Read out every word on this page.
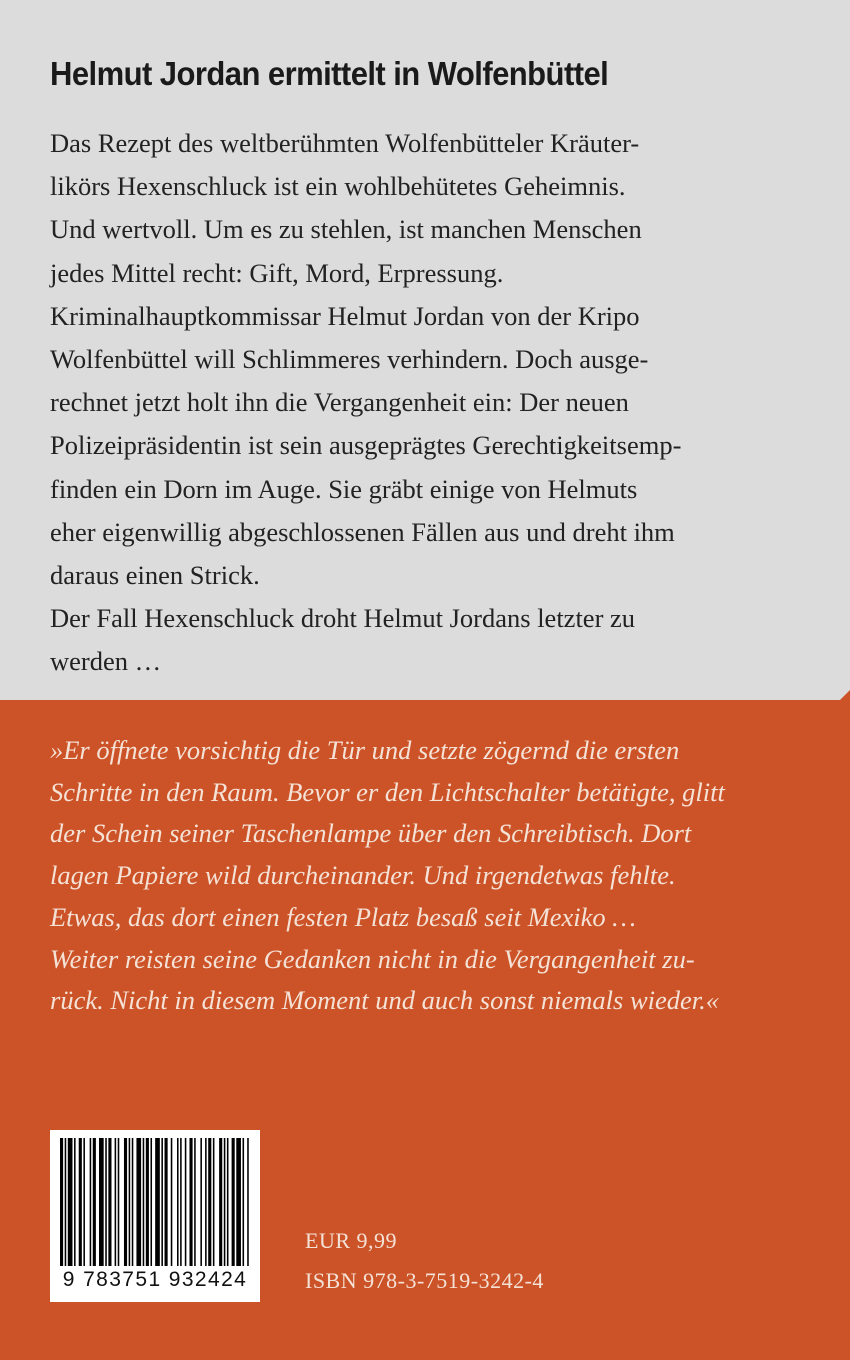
Helmut Jordan ermittelt in Wolfenbüttel
Das Rezept des weltberühmten Wolfenbütteler Kräuter-
likörs Hexenschluck ist ein wohlbehütetes Geheimnis.
Und wertvoll. Um es zu stehlen, ist manchen Menschen
jedes Mittel recht: Gift, Mord, Erpressung.
Kriminalhauptkommissar Helmut Jordan von der Kripo
Wolfenbüttel will Schlimmeres verhindern. Doch ausge-
rechnet jetzt holt ihn die Vergangenheit ein: Der neuen
Polizeipräsidentin ist sein ausgeprägtes Gerechtigkeitsemp-
finden ein Dorn im Auge. Sie gräbt einige von Helmuts
eher eigenwillig abgeschlossenen Fällen aus und dreht ihm
daraus einen Strick.
Der Fall Hexenschluck droht Helmut Jordans letzter zu
werden …
»Er öffnete vorsichtig die Tür und setzte zögernd die ersten
Schritte in den Raum. Bevor er den Lichtschalter betätigte, glitt
der Schein seiner Taschenlampe über den Schreibtisch. Dort
lagen Papiere wild durcheinander. Und irgendetwas fehlte.
Etwas, das dort einen festen Platz besaß seit Mexiko …
Weiter reisten seine Gedanken nicht in die Vergangenheit zu-
rück. Nicht in diesem Moment und auch sonst niemals wieder.«
9 783751 932424
EUR 9,99
ISBN 978-3-7519-3242-4
